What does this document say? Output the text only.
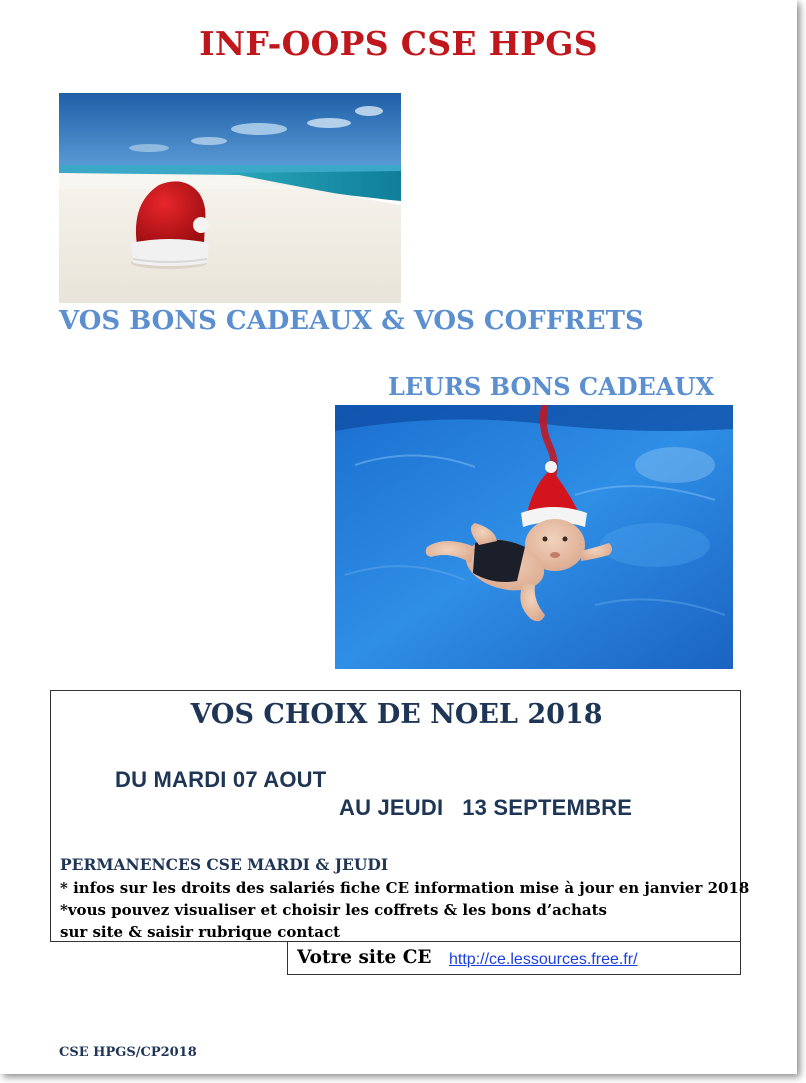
INF-OOPS CSE HPGS
VOS BONS CADEAUX & VOS COFFRETS
LEURS BONS CADEAUX
VOS CHOIX DE NOEL 2018
DU MARDI 07 AOUT
AU JEUDI   13 SEPTEMBRE
PERMANENCES CSE MARDI & JEUDI
* infos sur les droits des salariés fiche CE information mise à jour en janvier 2018
*vous pouvez visualiser et choisir les coffrets & les bons d’achats
sur site & saisir rubrique contact
Votre site CE http://ce.lessources.free.fr/
CSE HPGS/CP2018
